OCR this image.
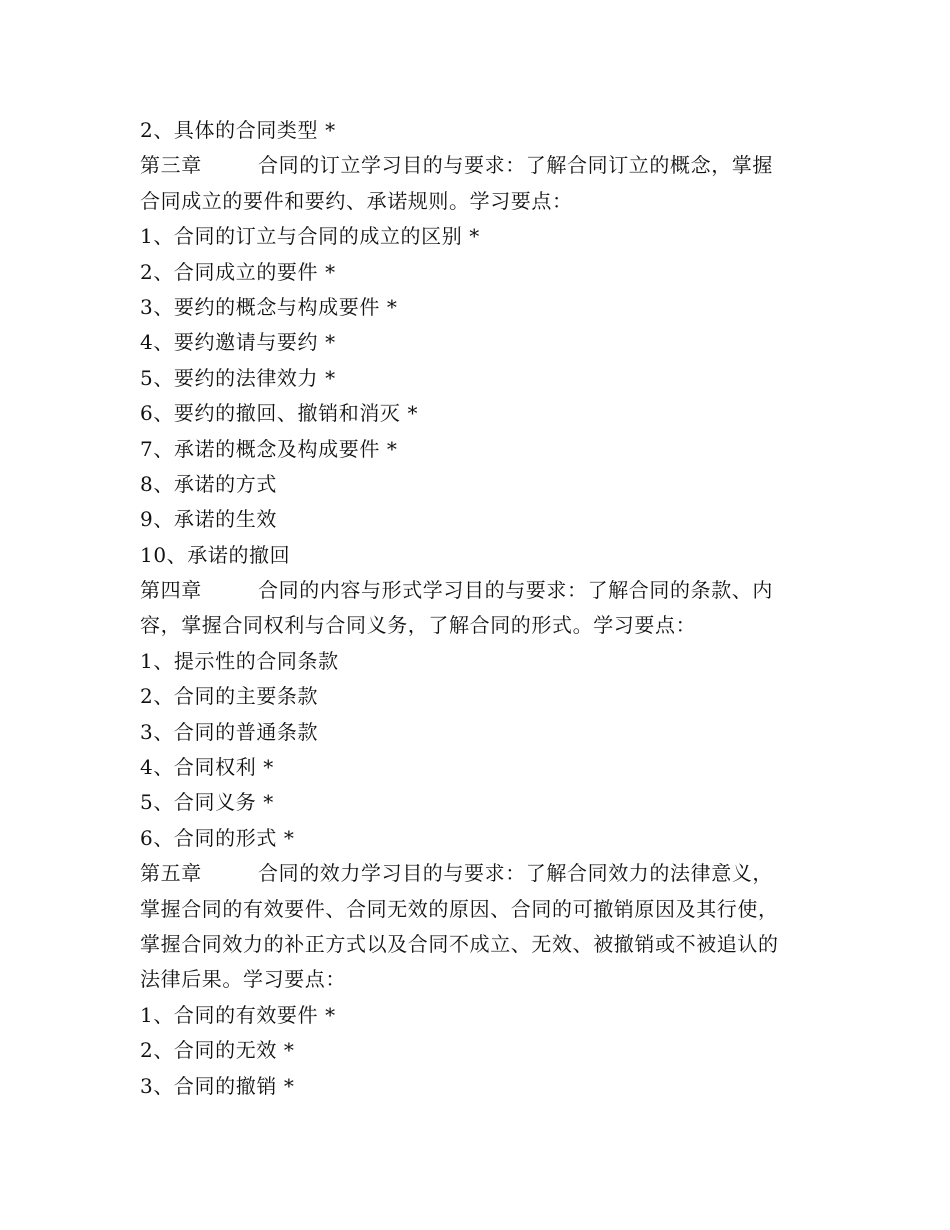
2、具体的合同类型 *
第三章	合同的订立学习目的与要求：了解合同订立的概念，掌握
合同成立的要件和要约、承诺规则。学习要点：
1、合同的订立与合同的成立的区别 *
2、合同成立的要件 *
3、要约的概念与构成要件 *
4、要约邀请与要约 *
5、要约的法律效力 *
6、要约的撤回、撤销和消灭 *
7、承诺的概念及构成要件 *
8、承诺的方式
9、承诺的生效
10、承诺的撤回
第四章	合同的内容与形式学习目的与要求：了解合同的条款、内
容，掌握合同权利与合同义务，了解合同的形式。学习要点：
1、提示性的合同条款
2、合同的主要条款
3、合同的普通条款
4、合同权利 *
5、合同义务 *
6、合同的形式 *
第五章	合同的效力学习目的与要求：了解合同效力的法律意义，
掌握合同的有效要件、合同无效的原因、合同的可撤销原因及其行使，
掌握合同效力的补正方式以及合同不成立、无效、被撤销或不被追认的
法律后果。学习要点：
1、合同的有效要件 *
2、合同的无效 *
3、合同的撤销 *
